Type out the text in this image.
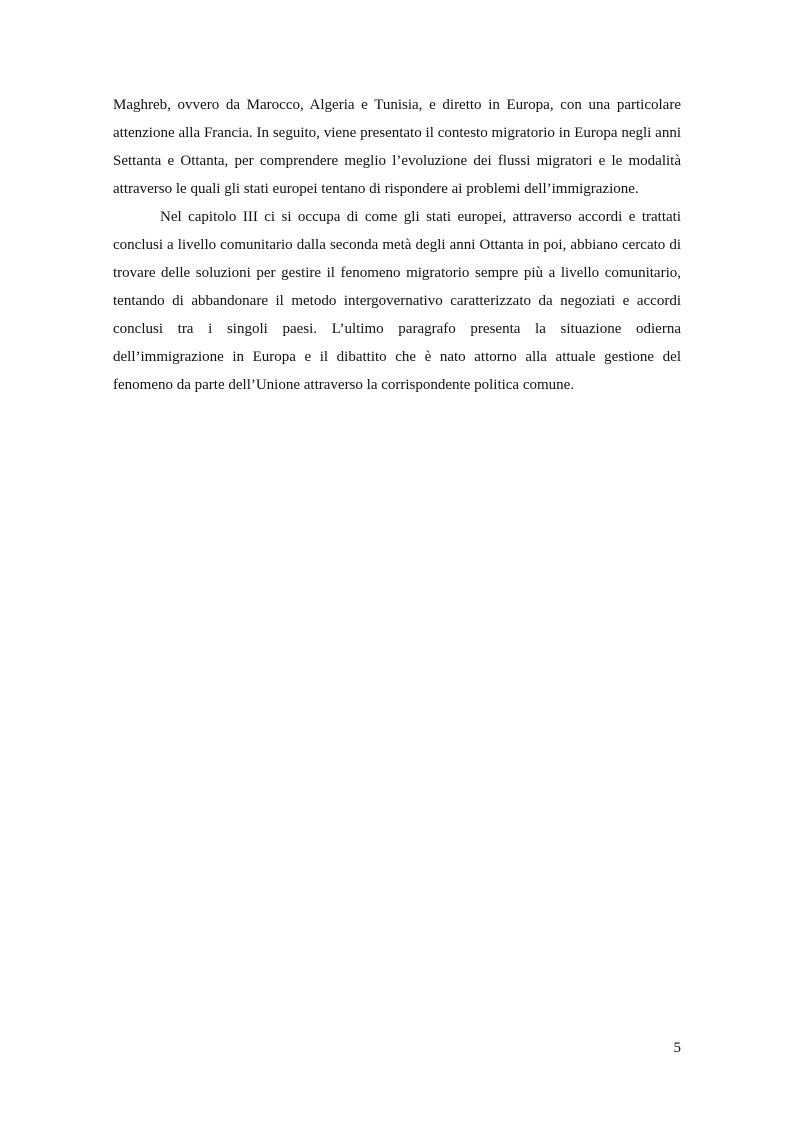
Maghreb, ovvero da Marocco, Algeria e Tunisia, e diretto in Europa, con una particolare attenzione alla Francia. In seguito, viene presentato il contesto migratorio in Europa negli anni Settanta e Ottanta, per comprendere meglio l’evoluzione dei flussi migratori e le modalità attraverso le quali gli stati europei tentano di rispondere ai problemi dell’immigrazione.

Nel capitolo III ci si occupa di come gli stati europei, attraverso accordi e trattati conclusi a livello comunitario dalla seconda metà degli anni Ottanta in poi, abbiano cercato di trovare delle soluzioni per gestire il fenomeno migratorio sempre più a livello comunitario, tentando di abbandonare il metodo intergovernativo caratterizzato da negoziati e accordi conclusi tra i singoli paesi. L’ultimo paragrafo presenta la situazione odierna dell’immigrazione in Europa e il dibattito che è nato attorno alla attuale gestione del fenomeno da parte dell’Unione attraverso la corrispondente politica comune.

5
